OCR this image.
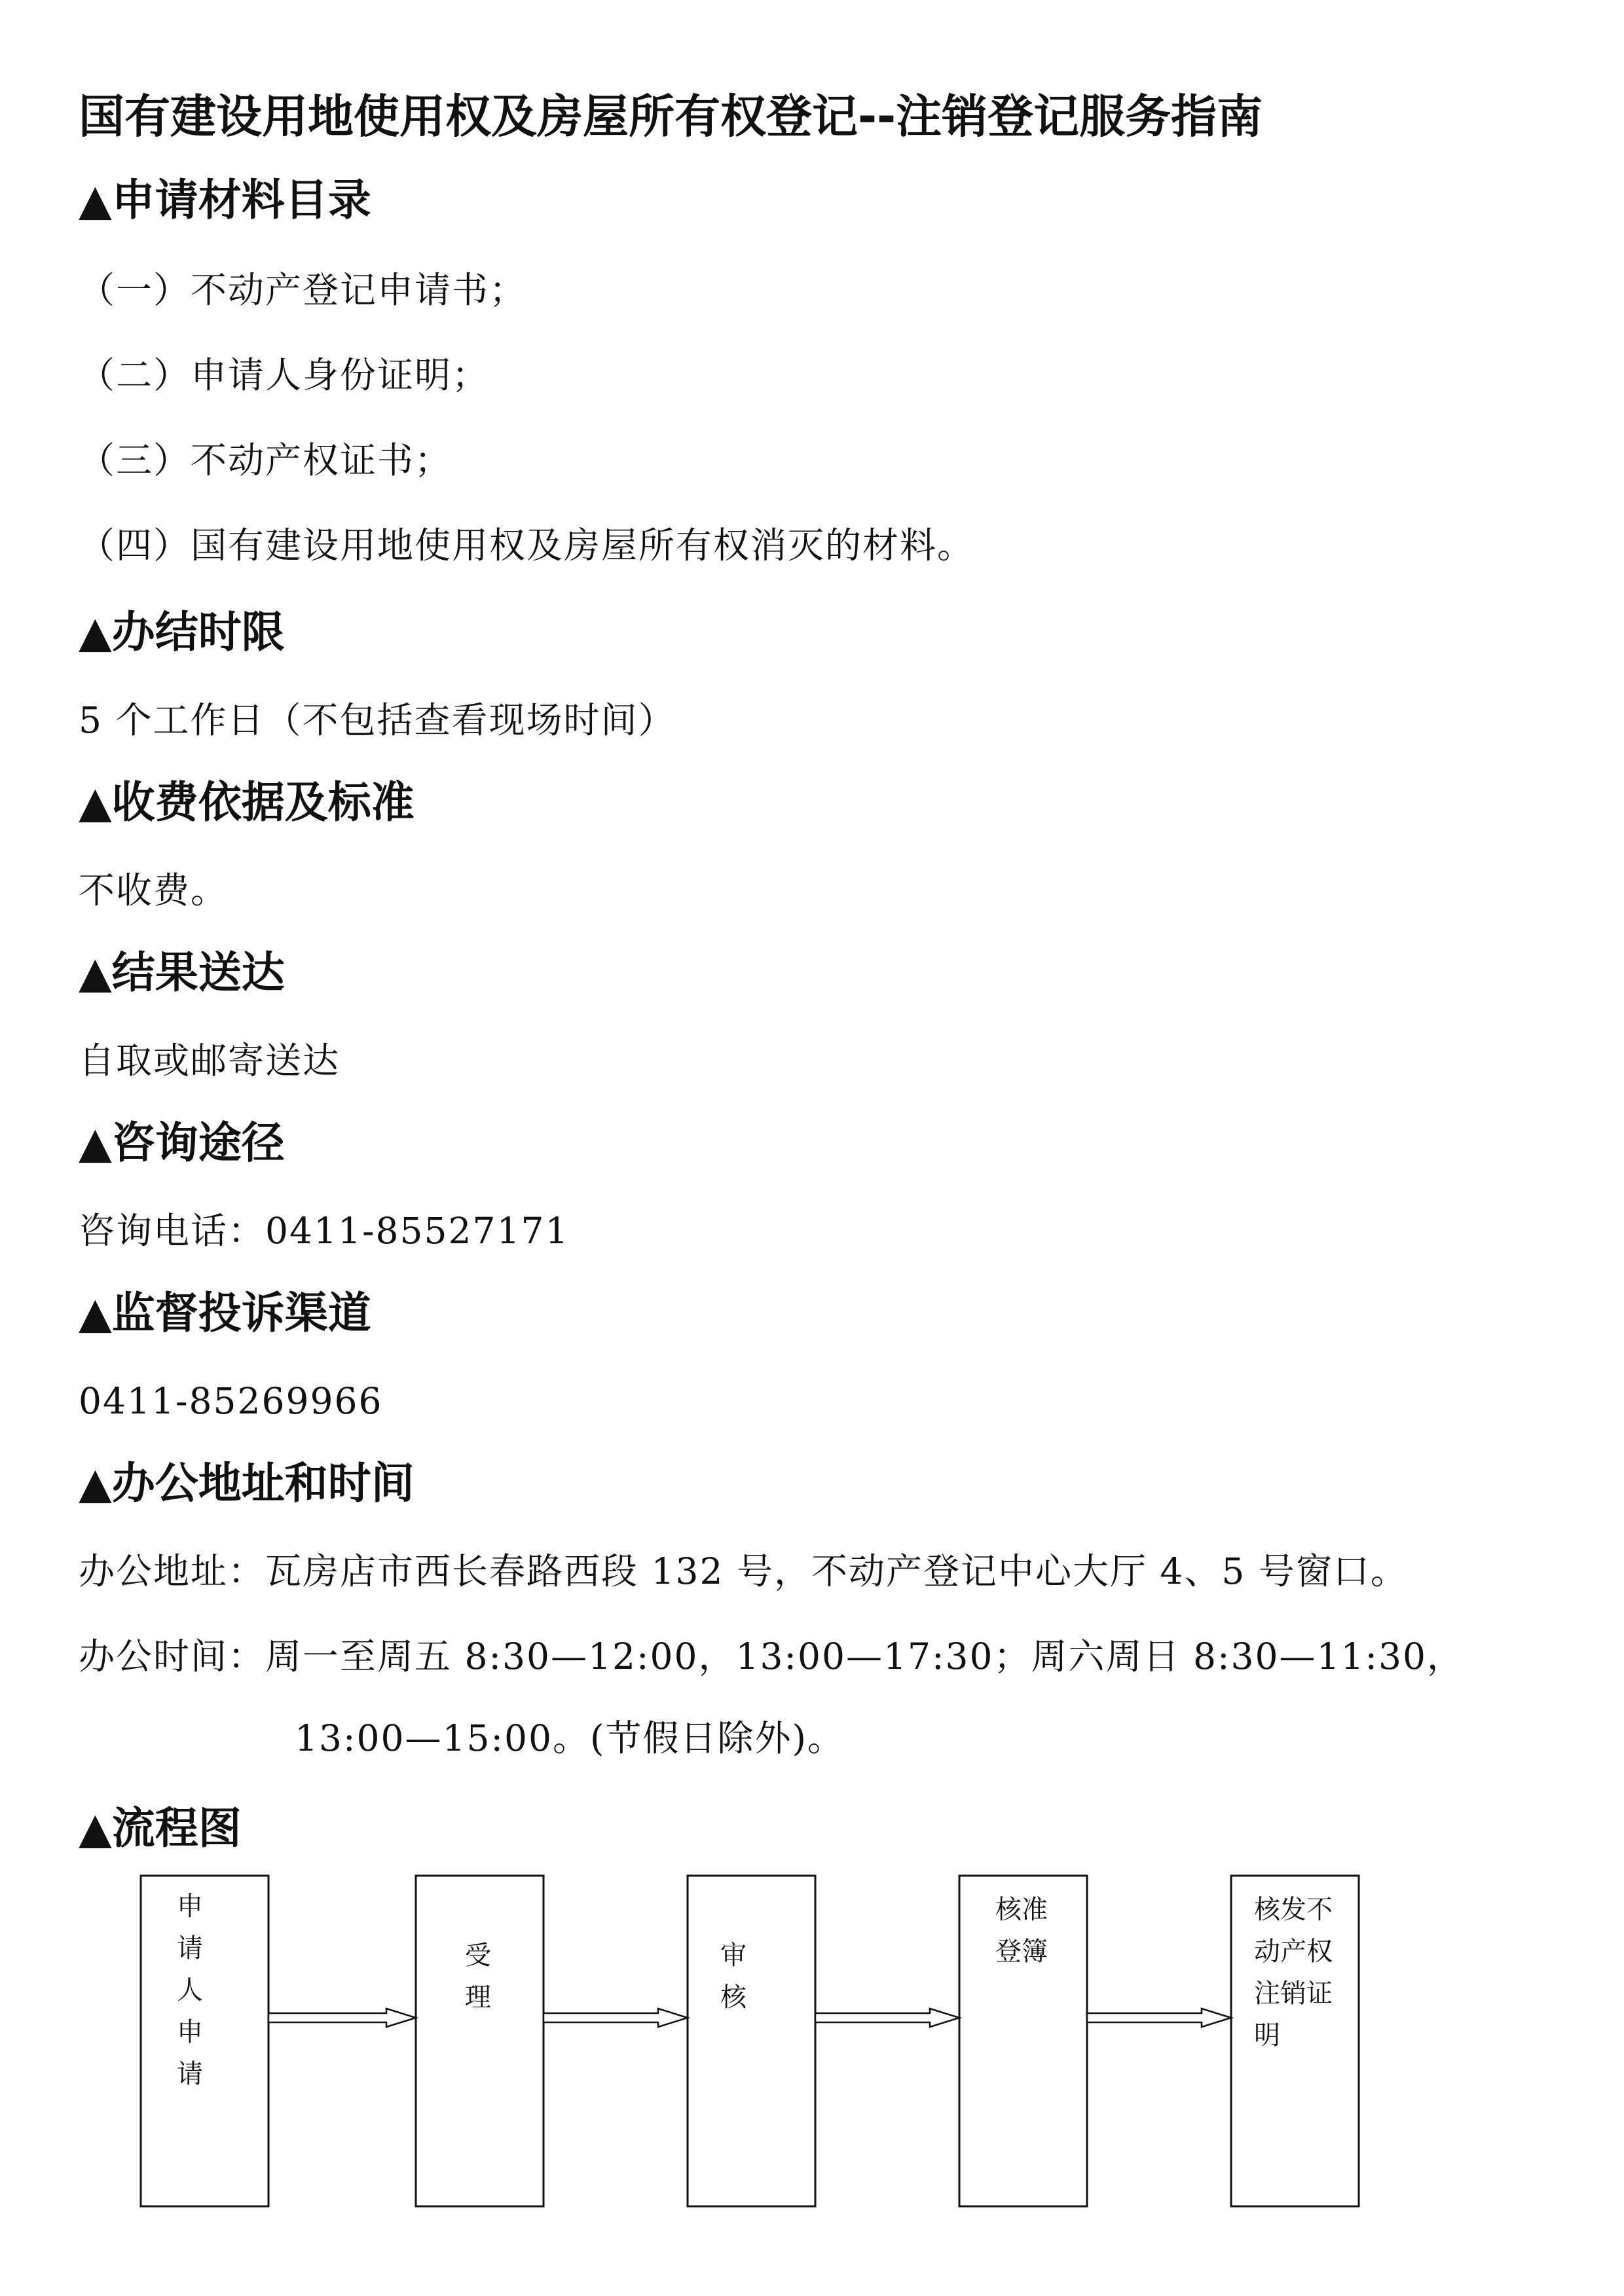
国有建设用地使用权及房屋所有权登记--注销登记服务指南
▲申请材料目录
（一）不动产登记申请书；
（二）申请人身份证明；
（三）不动产权证书；
（四）国有建设用地使用权及房屋所有权消灭的材料。
▲办结时限
5 个工作日（不包括查看现场时间）
▲收费依据及标准
不收费。
▲结果送达
自取或邮寄送达
▲咨询途径
咨询电话：0411-85527171
▲监督投诉渠道
0411-85269966
▲办公地址和时间
办公地址：瓦房店市西长春路西段 132 号，不动产登记中心大厅 4、5 号窗口。
办公时间：周一至周五 8:30—12:00，13:00—17:30；周六周日 8:30—11:30，
13:00—15:00。(节假日除外)。
▲流程图
申
请
人
申
请
受
理
审
核
核准
登簿
核发不
动产权
注销证
明
